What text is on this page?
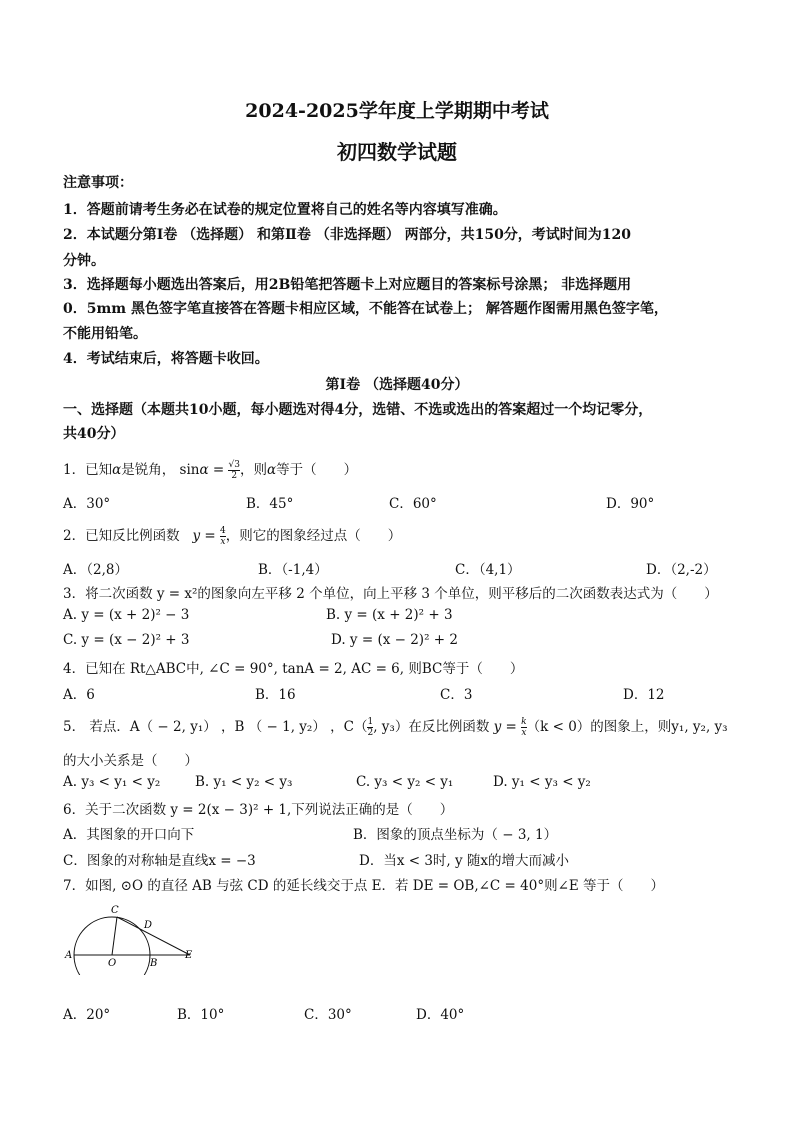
2024-2025学年度上学期期中考试
初四数学试题
注意事项：
1．答题前请考生务必在试卷的规定位置将自己的姓名等内容填写准确。
2．本试题分第Ⅰ卷 （选择题） 和第Ⅱ卷 （非选择题） 两部分，共150分，考试时间为120
分钟。
3．选择题每小题选出答案后，用2B铅笔把答题卡上对应题目的答案标号涂黑； 非选择题用
0．5mm 黑色签字笔直接答在答题卡相应区域，不能答在试卷上； 解答题作图需用黑色签字笔，
不能用铅笔。
4．考试结束后，将答题卡收回。
第Ⅰ卷 （选择题40分）
一、选择题（本题共10小题，每小题选对得4分，选错、不选或选出的答案超过一个均记零分，
共40分）
1．已知α是锐角， $\sin\alpha = \frac{√3}{2}$ ，则α等于（　　）
A．30°	B．45°	C．60°	D．90°
2．已知反比例函数 $y = \frac{4}{x}$ ，则它的图象经过点（　　）
A．（2,8）	B．（-1,4）	C．（4,1）	D．（2,-2）
3．将二次函数 y = x²的图象向左平移 2 个单位，向上平移 3 个单位，则平移后的二次函数表达式为（　　）
A. y = (x + 2)² − 3	B. y = (x + 2)² + 3
C. y = (x − 2)² + 3	D. y = (x − 2)² + 2
4．已知在 Rt△ABC中, ∠C = 90°, tanA = 2, AC = 6, 则BC等于（　　）
A．6	B．16	C．3	D．12
5． 若点．A（ − 2, y₁） ，B （ − 1, y₂） ，$C( \frac{1}{2}$ , y₃）在反比例函数 $y = \frac{k}{x} (k < 0)$的图象上，则y₁, y₂, y₃
的大小关系是（　　）
A. y₃ < y₁ < y₂	B. y₁ < y₂ < y₃	C. y₃ < y₂ < y₁	D. y₁ < y₃ < y₂
6．关于二次函数 y = 2(x − 3)² + 1,下列说法正确的是（　　）
A．其图象的开口向下	B．图象的顶点坐标为（ − 3, 1）
C．图象的对称轴是直线x = −3	D．当x < 3时, y 随x的增大而减小
7．如图, ⊙O 的直径 AB 与弦 CD 的延长线交于点 E．若 DE = OB,∠C = 40°则∠E 等于（　　）
C
D
A
O	B
E
A．20°	B．10°	C．30°	D．40°
